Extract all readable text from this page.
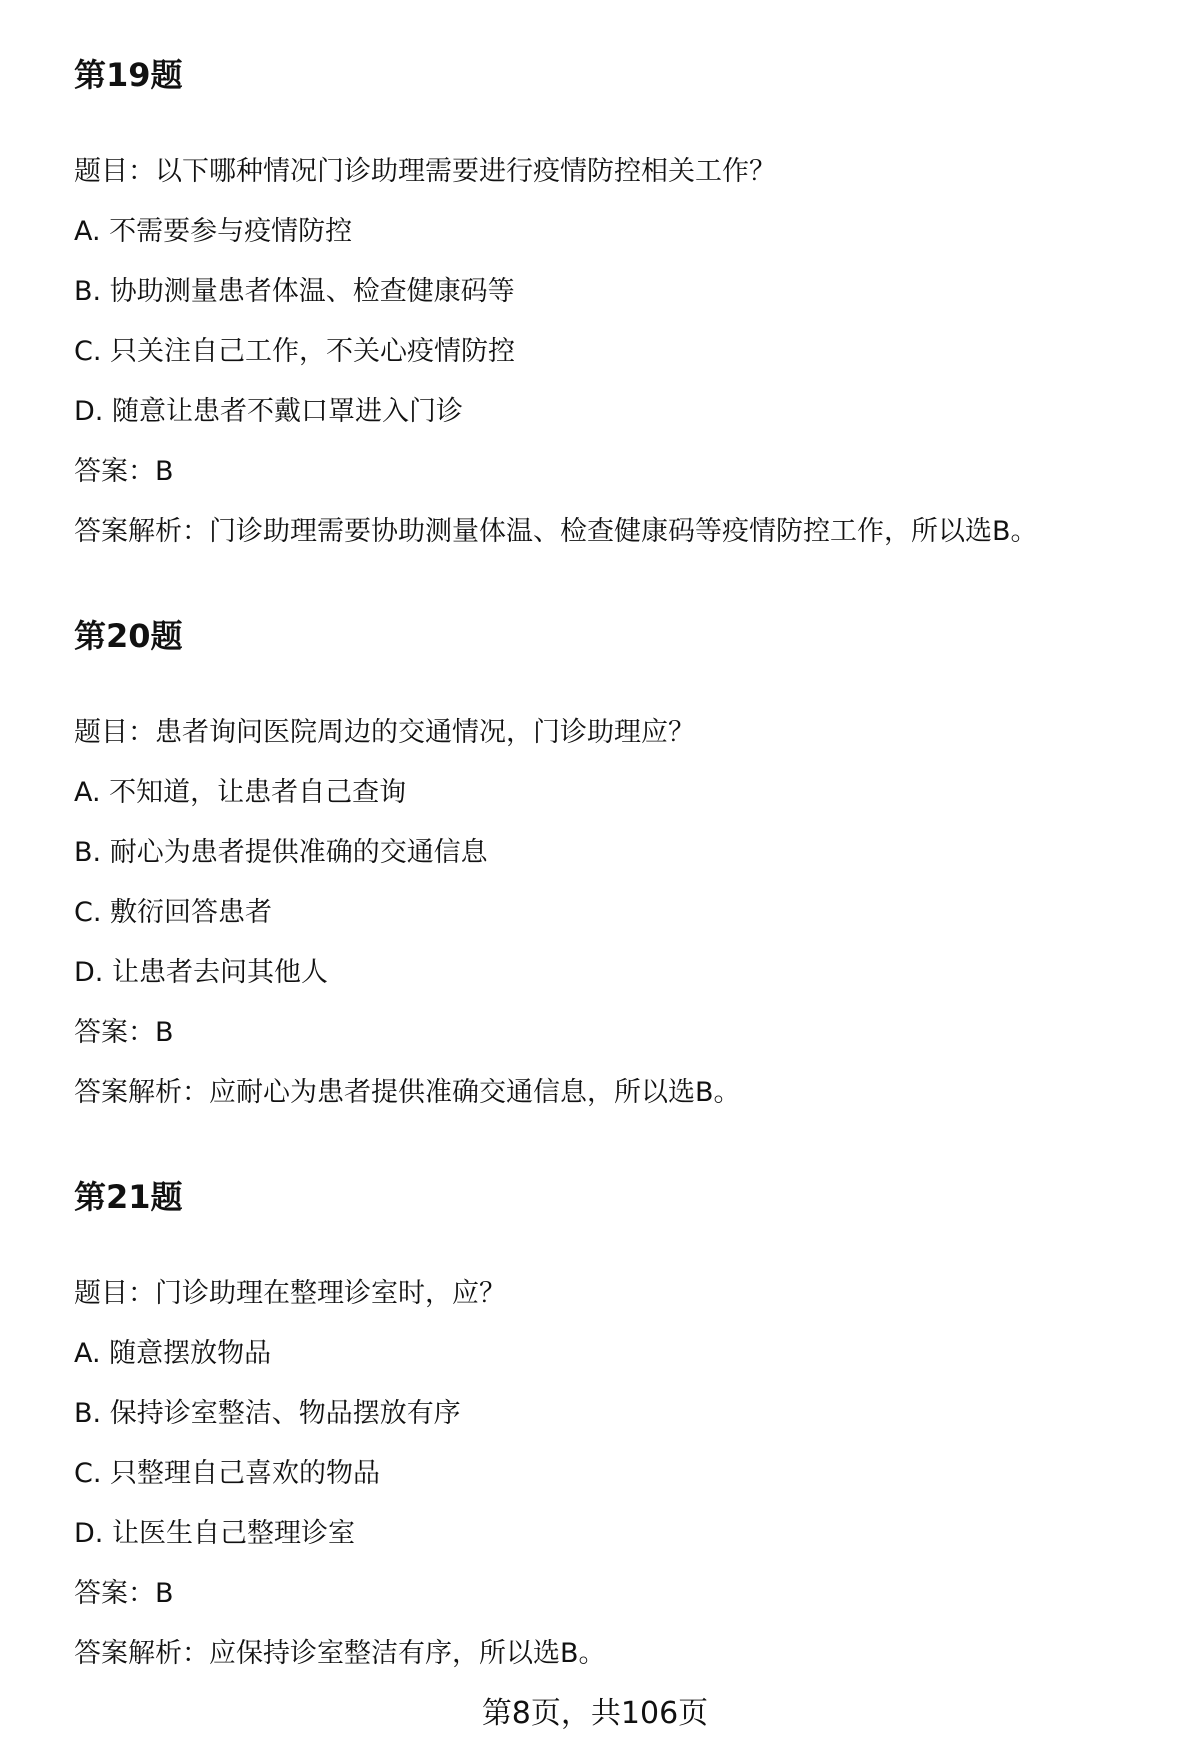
第19题
题目：以下哪种情况门诊助理需要进行疫情防控相关工作？
A. 不需要参与疫情防控
B. 协助测量患者体温、检查健康码等
C. 只关注自己工作，不关心疫情防控
D. 随意让患者不戴口罩进入门诊
答案：B
答案解析：门诊助理需要协助测量体温、检查健康码等疫情防控工作，所以选B。
第20题
题目：患者询问医院周边的交通情况，门诊助理应？
A. 不知道，让患者自己查询
B. 耐心为患者提供准确的交通信息
C. 敷衍回答患者
D. 让患者去问其他人
答案：B
答案解析：应耐心为患者提供准确交通信息，所以选B。
第21题
题目：门诊助理在整理诊室时，应？
A. 随意摆放物品
B. 保持诊室整洁、物品摆放有序
C. 只整理自己喜欢的物品
D. 让医生自己整理诊室
答案：B
答案解析：应保持诊室整洁有序，所以选B。
第8页，共106页
